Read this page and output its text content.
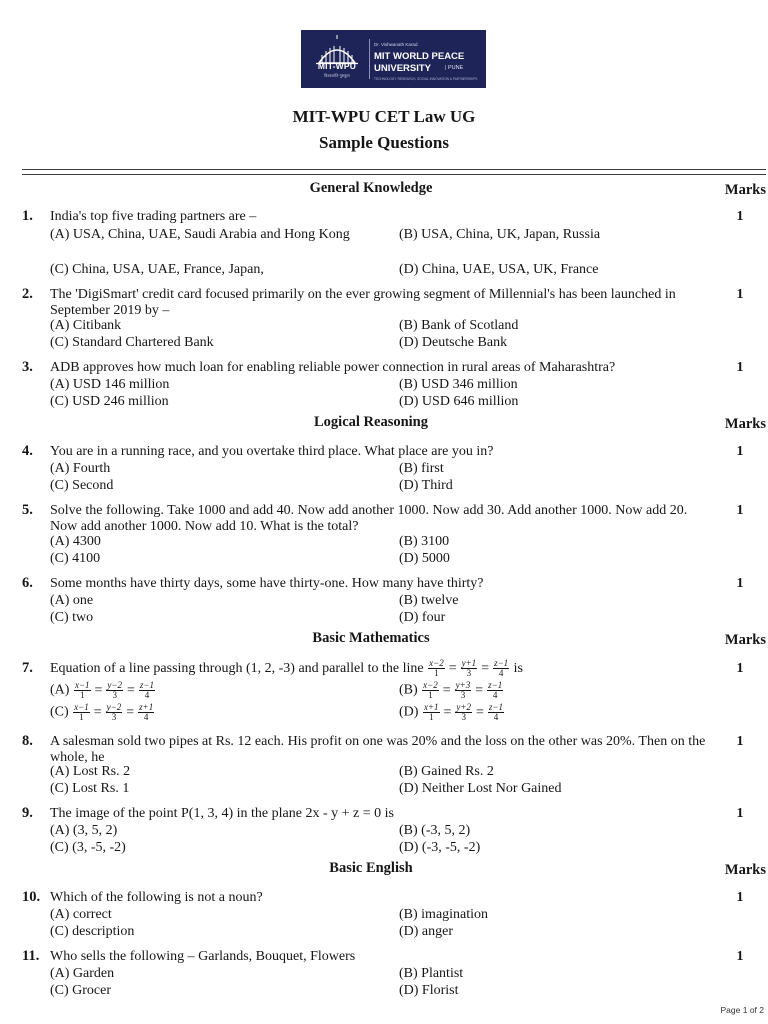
MIT-WPU
विश्वशांति गुरुकुल
Dr. Vishwanath Karad
MIT WORLD PEACE
UNIVERSITY	| PUNE
TECHNOLOGY, RESEARCH, SOCIAL INNOVATION & PARTNERSHIPS
MIT-WPU CET Law UG
Sample Questions
General Knowledge	Marks
1.	India's top five trading partners are –	1
(A) USA, China, UAE, Saudi Arabia and Hong Kong	(B) USA, China, UK, Japan, Russia
(C) China, USA, UAE, France, Japan,	(D) China, UAE, USA, UK, France
2.	The 'DigiSmart' credit card focused primarily on the ever growing segment of Millennial's has been launched in September 2019 by –
1
(A) Citibank	(B) Bank of Scotland
(C) Standard Chartered Bank	(D) Deutsche Bank
3.	ADB approves how much loan for enabling reliable power connection in rural areas of Maharashtra?	1
(A) USD 146 million	(B) USD 346 million
(C) USD 246 million	(D) USD 646 million
Logical Reasoning	Marks
4.	You are in a running race, and you overtake third place. What place are you in?	1
(A) Fourth	(B) first
(C) Second	(D) Third
5.	Solve the following. Take 1000 and add 40. Now add another 1000. Now add 30. Add another 1000. Now add 20. Now add another 1000. Now add 10. What is the total?
1
(A) 4300	(B) 3100
(C) 4100	(D) 5000
6.	Some months have thirty days, some have thirty-one. How many have thirty?	1
(A) one	(B) twelve
(C) two	(D) four
Basic Mathematics	Marks
7.	Equation of a line passing through (1, 2, -3) and parallel to the line $\frac{x-2}{1} = \frac{y+1}{3} = \frac{z-1}{4}$ is	1
$(A) \frac{x-1}{1} = \frac{y-2}{3} = \frac{z-1}{4}$	$(B) \frac{x-2}{1} = \frac{y+3}{3} = \frac{z-1}{4}$
$(C) \frac{x-1}{1} = \frac{y-2}{3} = \frac{z+1}{4}$	$(D) \frac{x+1}{1} = \frac{y+2}{3} = \frac{z-1}{4}$
8.	A salesman sold two pipes at Rs. 12 each. His profit on one was 20% and the loss on the other was 20%. Then on the whole, he
1
(A) Lost Rs. 2	(B) Gained Rs. 2
(C) Lost Rs. 1	(D) Neither Lost Nor Gained
9.	The image of the point P(1, 3, 4) in the plane 2x - y + z = 0 is	1
(A) (3, 5, 2)	(B) (-3, 5, 2)
(C) (3, -5, -2)	(D) (-3, -5, -2)
Basic English	Marks
10. Which of the following is not a noun?	1
(A) correct	(B) imagination
(C) description	(D) anger
11. Who sells the following – Garlands, Bouquet, Flowers	1
(A) Garden	(B) Plantist
(C) Grocer	(D) Florist
Page 1 of 2
